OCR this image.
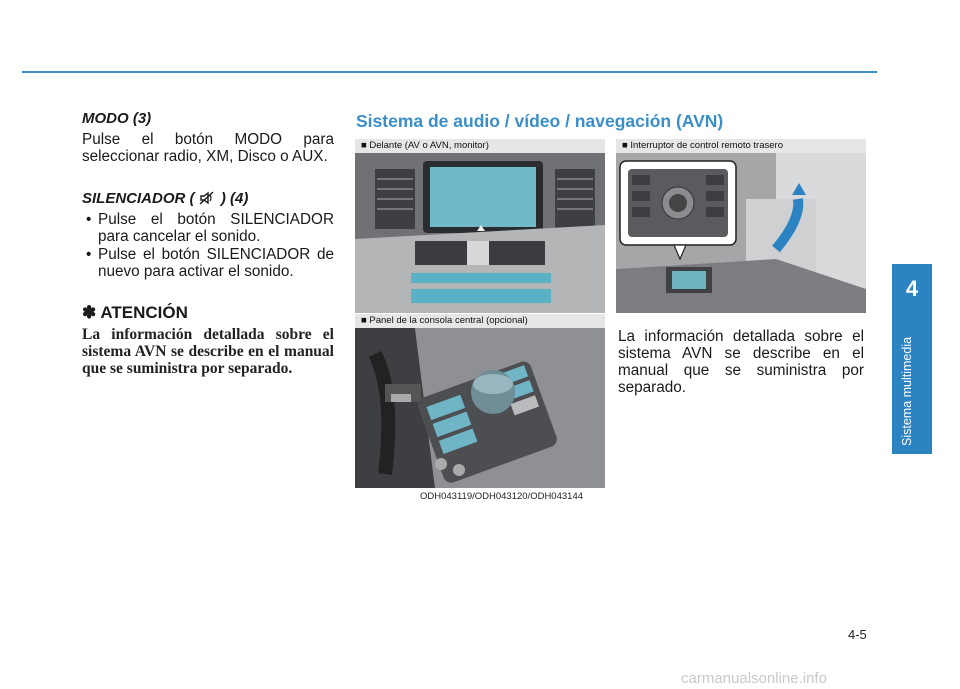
4
Sistema multimedia
MODO (3)
Pulse el botón MODO para seleccionar radio, XM, Disco o AUX.
SILENCIADOR ( ) (4)
• Pulse el botón SILENCIADOR para cancelar el sonido.
• Pulse el botón SILENCIADOR de nuevo para activar el sonido.
✽ ATENCIÓN
La información detallada sobre el sistema AVN se describe en el manual que se suministra por separado.
Sistema de audio / vídeo / navegación (AVN)
■ Delante (AV o AVN, monitor)	■ Interruptor de control remoto trasero
■ Panel de la consola central (opcional)
ODH043119/ODH043120/ODH043144
La información detallada sobre el sistema AVN se describe en el manual que se suministra por separado.
4-5
carmanualsonline.info
